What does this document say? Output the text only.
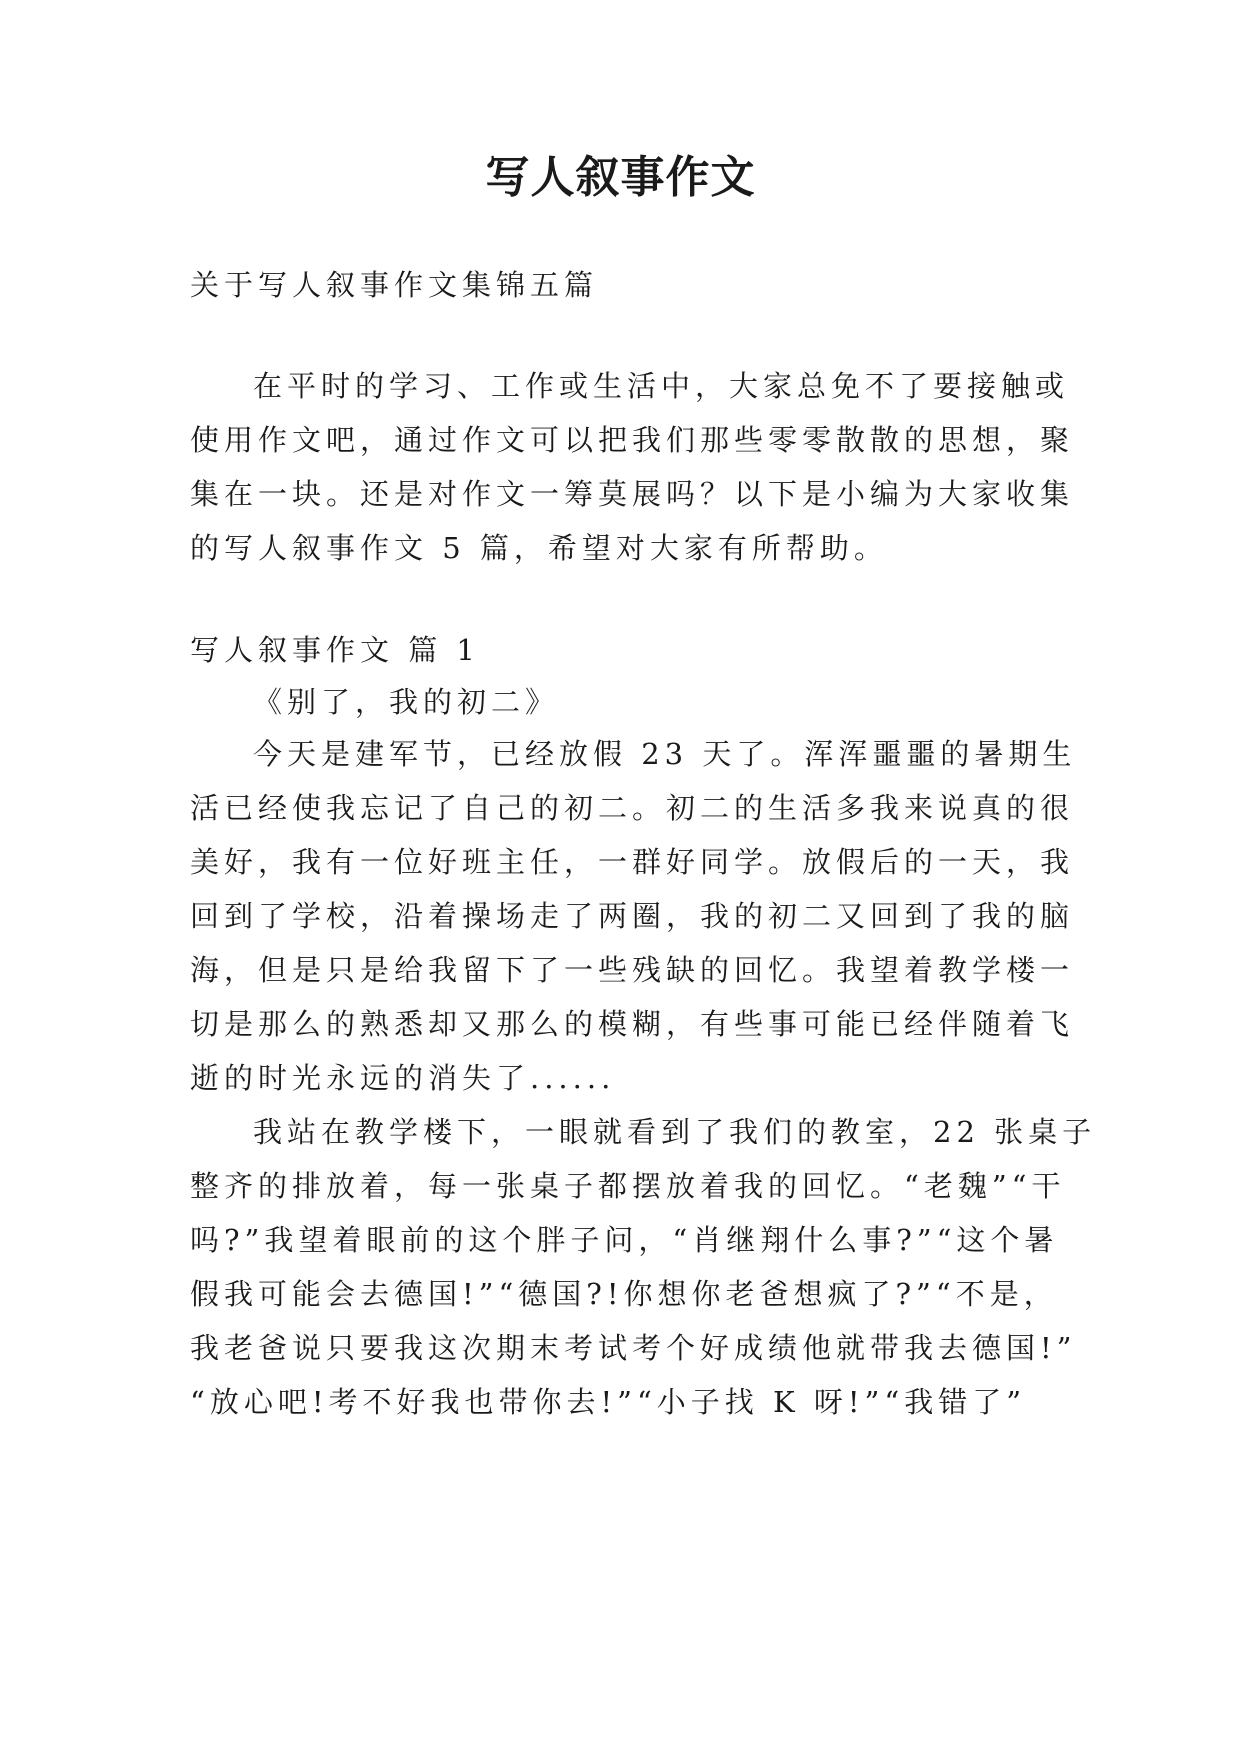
写人叙事作文
关于写人叙事作文集锦五篇
在平时的学习、工作或生活中，大家总免不了要接触或
使用作文吧，通过作文可以把我们那些零零散散的思想，聚
集在一块。还是对作文一筹莫展吗？以下是小编为大家收集
的写人叙事作文 5 篇，希望对大家有所帮助。
写人叙事作文 篇 1
《别了，我的初二》
今天是建军节，已经放假 23 天了。浑浑噩噩的暑期生
活已经使我忘记了自己的初二。初二的生活多我来说真的很
美好，我有一位好班主任，一群好同学。放假后的一天，我
回到了学校，沿着操场走了两圈，我的初二又回到了我的脑
海，但是只是给我留下了一些残缺的回忆。我望着教学楼一
切是那么的熟悉却又那么的模糊，有些事可能已经伴随着飞
逝的时光永远的消失了......
我站在教学楼下，一眼就看到了我们的教室，22 张桌子
整齐的排放着，每一张桌子都摆放着我的回忆。“老魏”“干
吗?”我望着眼前的这个胖子问，“肖继翔什么事?”“这个暑
假我可能会去德国!”“德国?!你想你老爸想疯了?”“不是，
我老爸说只要我这次期末考试考个好成绩他就带我去德国!”
“放心吧!考不好我也带你去!”“小子找 K 呀!”“我错了”
